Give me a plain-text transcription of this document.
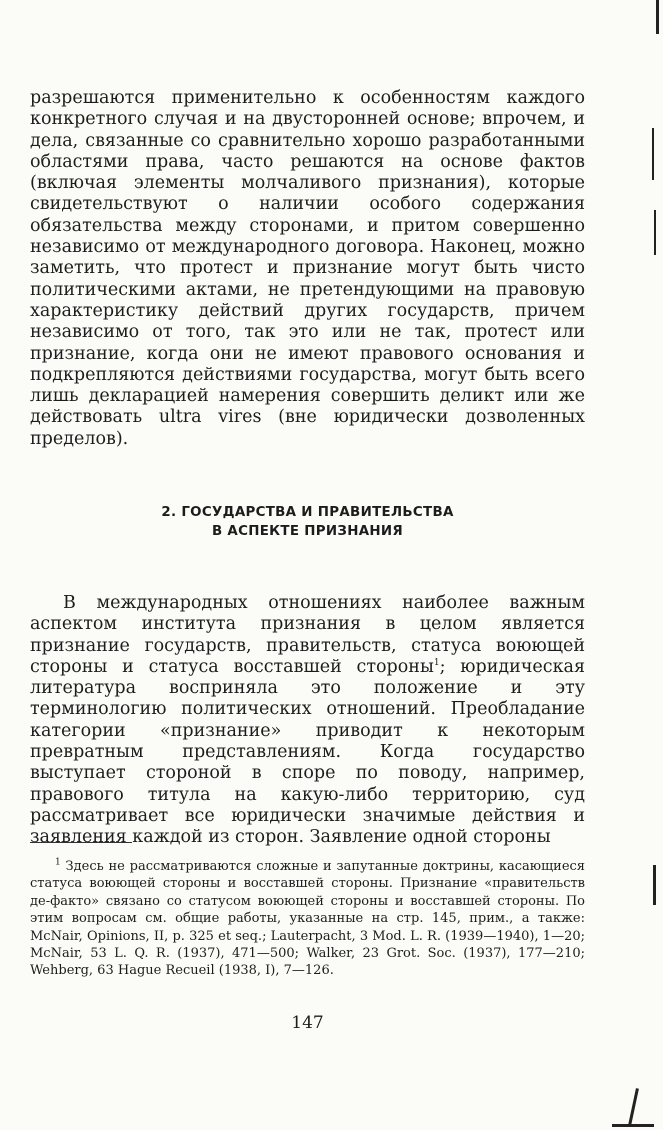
разрешаются применительно к особенностям каждого конкретного случая и на двусторонней основе; впрочем, и дела, связанные со сравнительно хорошо разработанными областями права, часто решаются на основе фактов (включая элементы молчаливого признания), которые свидетельствуют о наличии особого содержания обязательства между сторонами, и притом совершенно независимо от международного договора. Наконец, можно заметить, что протест и признание могут быть чисто политическими актами, не претендующими на правовую характеристику действий других государств, причем независимо от того, так это или не так, протест или признание, когда они не имеют правового основания и подкрепляются действиями государства, могут быть всего лишь декларацией намерения совершить деликт или же действовать ultra vires (вне юридически дозволенных пределов).

2. ГОСУДАРСТВА И ПРАВИТЕЛЬСТВА
В АСПЕКТЕ ПРИЗНАНИЯ

В международных отношениях наиболее важным аспектом института признания в целом является признание государств, правительств, статуса воюющей стороны и статуса восставшей стороны$^1$; юридическая литература восприняла это положение и эту терминологию политических отношений. Преобладание категории «признание» приводит к некоторым превратным представлениям. Когда государство выступает стороной в споре по поводу, например, правового титула на какую-либо территорию, суд рассматривает все юридически значимые действия и заявления каждой из сторон. Заявление одной стороны

$^1$ Здесь не рассматриваются сложные и запутанные доктрины, касающиеся статуса воюющей стороны и восставшей стороны. Признание «правительств де-факто» связано со статусом воюющей стороны и восставшей стороны. По этим вопросам см. общие работы, указанные на стр. 145, прим., а также: McNair, Opinions, II, p. 325 et seq.; Lauterpacht, 3 Mod. L. R. (1939—1940), 1—20; McNair, 53 L. Q. R. (1937), 471—500; Walker, 23 Grot. Soc. (1937), 177—210; Wehberg, 63 Hague Recueil (1938, I), 7—126.
147
